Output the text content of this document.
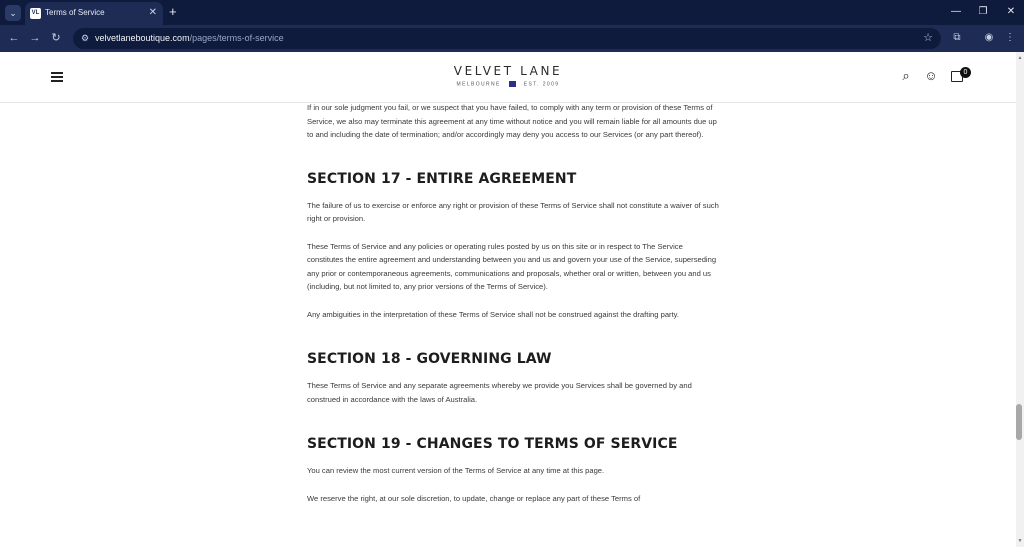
⌄	VL Terms of Service	✕ +	—	❐	✕
← → ↻ ⚙ velvetlaneboutique.com/pages/terms-of-service	☆	⧉	◉ ⋮
VELVET LANE
MELBOURNE	EST. 2009
⌕	☺	0

If in our sole judgment you fail, or we suspect that you have failed, to comply with any term or provision of these Terms of Service, we also may terminate this agreement at any time without notice and you will remain liable for all amounts due up to and including the date of termination; and/or accordingly may deny you access to our Services (or any part thereof).

SECTION 17 - ENTIRE AGREEMENT

The failure of us to exercise or enforce any right or provision of these Terms of Service shall not constitute a waiver of such right or provision.

These Terms of Service and any policies or operating rules posted by us on this site or in respect to The Service constitutes the entire agreement and understanding between you and us and govern your use of the Service, superseding any prior or contemporaneous agreements, communications and proposals, whether oral or written, between you and us (including, but not limited to, any prior versions of the Terms of Service).

Any ambiguities in the interpretation of these Terms of Service shall not be construed against the drafting party.

SECTION 18 - GOVERNING LAW

These Terms of Service and any separate agreements whereby we provide you Services shall be governed by and construed in accordance with the laws of Australia.

SECTION 19 - CHANGES TO TERMS OF SERVICE

You can review the most current version of the Terms of Service at any time at this page.

We reserve the right, at our sole discretion, to update, change or replace any part of these Terms of

▲
▼
